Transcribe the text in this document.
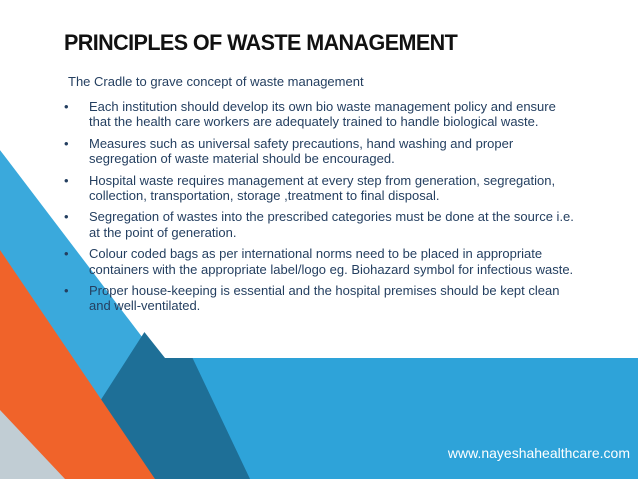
PRINCIPLES OF WASTE MANAGEMENT
The Cradle to grave concept of waste management
• Each institution should develop its own bio waste management policy and ensure that the health care workers are adequately trained to handle biological waste.
• Measures such as universal safety precautions, hand washing and proper segregation of waste material should be encouraged.
• Hospital waste requires management at every step from generation, segregation, collection, transportation, storage ,treatment to final disposal.
• Segregation of wastes into the prescribed categories must be done at the source i.e. at the point of generation.
• Colour coded bags as per international norms need to be placed in appropriate containers with the appropriate label/logo eg. Biohazard symbol for infectious waste.
• Proper house-keeping is essential and the hospital premises should be kept clean and well-ventilated.
www.nayeshahealthcare.com
